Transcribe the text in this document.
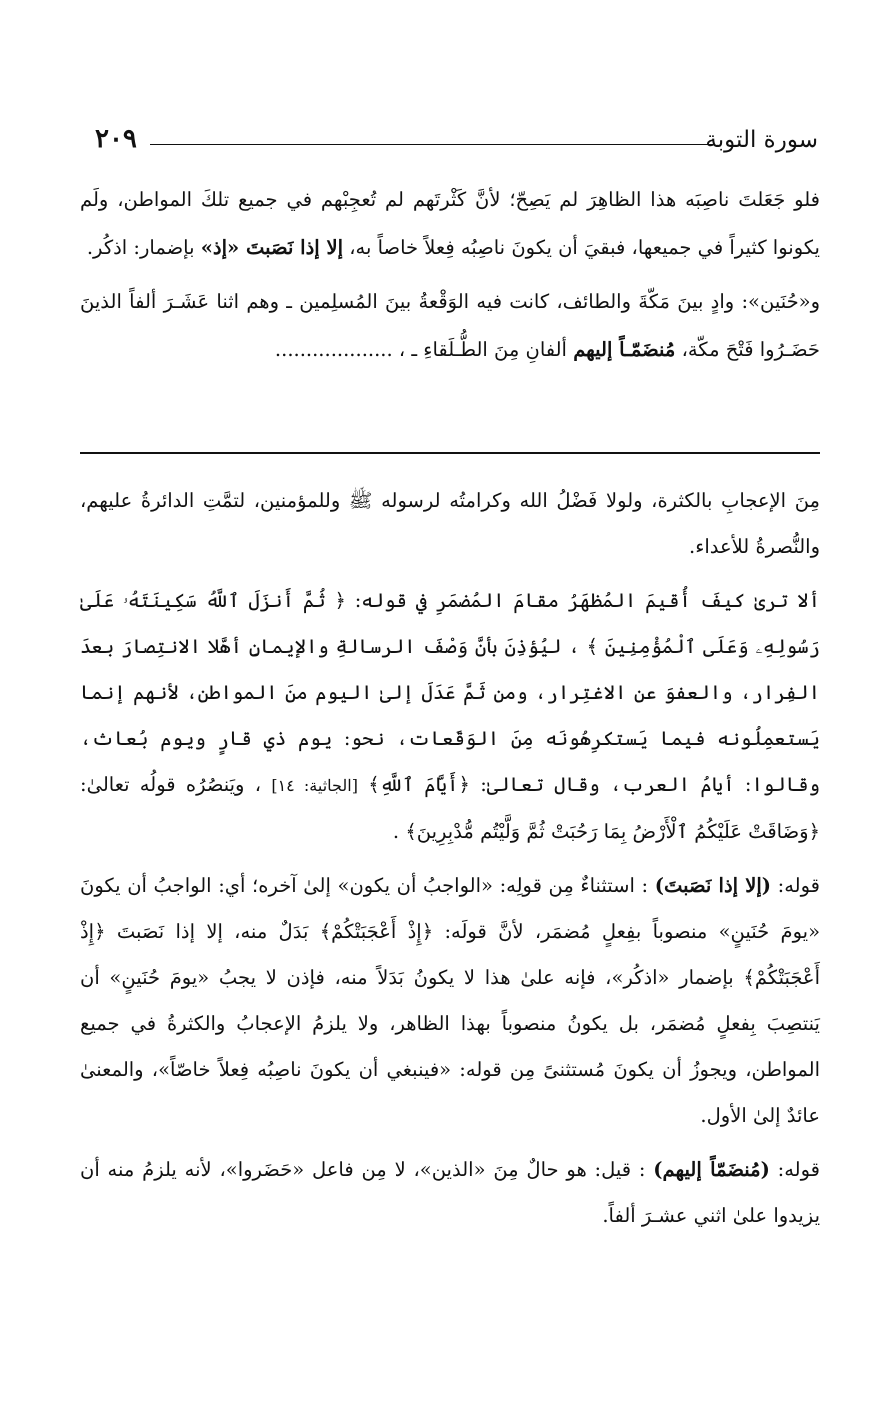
٢٠٩	سورة التوبة

فلو جَعَلتَ ناصِبَه هذا الظاهِرَ لم يَصِحّ؛ لأنَّ كَثْرتَهم لم تُعجِبْهم في جميع تلكَ المواطن، ولَم يكونوا كثيراً في جميعها، فبقيَ أن يكونَ ناصِبُه فِعلاً خاصاً به، إلا إذا نَصَبتَ «إذ» بإضمار: اذكُر.

و«حُنَين»: وادٍ بينَ مَكّةَ والطائف، كانت فيه الوَقْعةُ بينَ المُسلِمين ـ وهم اثنا عَشَـرَ ألفاً الذينَ حَضَـرُوا فَتْحَ مكّة، مُنضَمّـاً إليهم ألفانِ مِنَ الطُّـلَقاءِ ـ ، ...................

مِنَ الإعجابِ بالكثرة، ولولا فَضْلُ الله وكرامتُه لرسوله ﷺ وللمؤمنين، لتمَّتِ الدائرةُ عليهم، والنُّصرةُ للأعداء.

ألا ترىٰ كيفَ أُقيمَ المُظهَرُ مقامَ المُضمَرِ في قوله: ﴿ ثُمَّ أَنزَلَ ٱللَّهُ سَكِينَتَهُۥ عَلَىٰ رَسُولِهِۦ وَعَلَى ٱلْمُؤْمِنِينَ ﴾ ، ليُؤذِنَ بأنَّ وَصْفَ الرسالةِ والإيمانِ أهَّلا الانتِصارَ بعدَ الفِرار، والعفوَ عن الاغتِرار، ومن ثَمَّ عَدَلَ إلىٰ اليوم منَ المواطن، لأنهم إنما يَستعمِلُونه فيما يَستكرِهُونَه مِنَ الوَقَعات، نحو: يوم ذي قارٍ ويوم بُعاث، وقالوا: أيامُ العرب، وقال تعالىٰ: ﴿أَيَّامَ ٱللَّهِ﴾ [الجاثية: ١٤] ، ويَنصُرُه قولُه تعالىٰ: ﴿وَضَاقَتْ عَلَيْكُمُ ٱلْأَرْضُ بِمَا رَحُبَتْ ثُمَّ وَلَّيْتُم مُّدْبِرِينَ﴾ .

قوله: (إلا إذا نَصَبتَ) : استثناءٌ مِن قولِه: «الواجبُ أن يكون» إلىٰ آخره؛ أي: الواجبُ أن يكونَ «يومَ حُنَينٍ» منصوباً بفِعلٍ مُضمَر، لأنَّ قولَه: ﴿إِذْ أَعْجَبَتْكُمْ﴾ بَدَلٌ منه، إلا إذا نَصَبتَ ﴿إِذْ أَعْجَبَتْكُمْ﴾ بإضمار «اذكُر»، فإنه علىٰ هذا لا يكونُ بَدَلاً منه، فإذن لا يجبُ «يومَ حُنَينٍ» أن يَنتصِبَ بِفعلٍ مُضمَر، بل يكونُ منصوباً بهذا الظاهر، ولا يلزمُ الإعجابُ والكثرةُ في جميع المواطن، ويجوزُ أن يكونَ مُستثنىً مِن قوله: «فينبغي أن يكونَ ناصِبُه فِعلاً خاصّاً»، والمعنىٰ عائدٌ إلىٰ الأول.

قوله: (مُنضَمّاً إليهم) : قيل: هو حالٌ مِنَ «الذين»، لا مِن فاعل «حَضَروا»، لأنه يلزمُ منه أن يزيدوا علىٰ اثني عشـرَ ألفاً.
